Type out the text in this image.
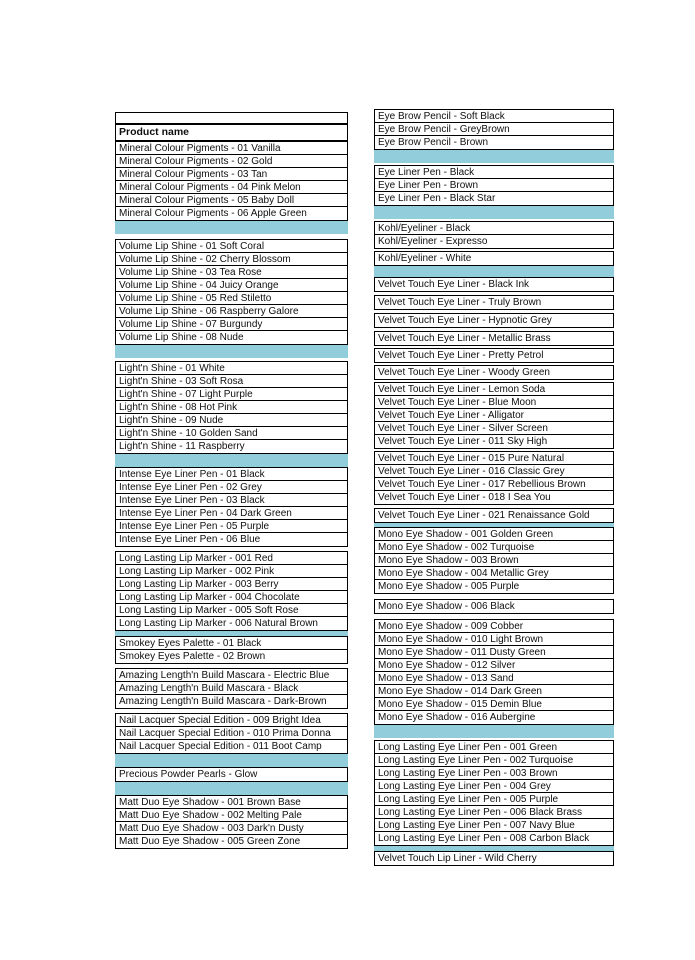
Product name
Mineral Colour Pigments - 01 Vanilla
Mineral Colour Pigments - 02 Gold
Mineral Colour Pigments - 03 Tan
Mineral Colour Pigments - 04 Pink Melon
Mineral Colour Pigments - 05 Baby Doll
Mineral Colour Pigments - 06 Apple Green
Volume Lip Shine - 01 Soft Coral
Volume Lip Shine - 02 Cherry Blossom
Volume Lip Shine - 03 Tea Rose
Volume Lip Shine - 04 Juicy Orange
Volume Lip Shine - 05 Red Stiletto
Volume Lip Shine - 06 Raspberry Galore
Volume Lip Shine - 07 Burgundy
Volume Lip Shine - 08 Nude
Light'n Shine - 01 White
Light'n Shine - 03 Soft Rosa
Light'n Shine - 07 Light Purple
Light'n Shine - 08 Hot Pink
Light'n Shine - 09 Nude
Light'n Shine - 10 Golden Sand
Light'n Shine - 11 Raspberry
Intense Eye Liner Pen - 01 Black
Intense Eye Liner Pen - 02 Grey
Intense Eye Liner Pen - 03 Black
Intense Eye Liner Pen - 04 Dark Green
Intense Eye Liner Pen - 05 Purple
Intense Eye Liner Pen - 06 Blue
Long Lasting Lip Marker - 001 Red
Long Lasting Lip Marker - 002 Pink
Long Lasting Lip Marker - 003 Berry
Long Lasting Lip Marker - 004 Chocolate
Long Lasting Lip Marker - 005 Soft Rose
Long Lasting Lip Marker - 006 Natural Brown
Smokey Eyes Palette - 01 Black
Smokey Eyes Palette - 02 Brown
Amazing Length'n Build Mascara - Electric Blue
Amazing Length'n Build Mascara - Black
Amazing Length'n Build Mascara - Dark-Brown
Nail Lacquer Special Edition - 009 Bright Idea
Nail Lacquer Special Edition - 010 Prima Donna
Nail Lacquer Special Edition - 011 Boot Camp
Precious Powder Pearls - Glow
Matt Duo Eye Shadow - 001 Brown Base
Matt Duo Eye Shadow - 002 Melting Pale
Matt Duo Eye Shadow - 003 Dark'n Dusty
Matt Duo Eye Shadow - 005 Green Zone
Eye Brow Pencil - Soft Black
Eye Brow Pencil - GreyBrown
Eye Brow Pencil - Brown
Eye Liner Pen - Black
Eye Liner Pen - Brown
Eye Liner Pen - Black Star
Kohl/Eyeliner - Black
Kohl/Eyeliner - Expresso
Kohl/Eyeliner - White
Velvet Touch Eye Liner - Black Ink
Velvet Touch Eye Liner - Truly Brown
Velvet Touch Eye Liner - Hypnotic Grey
Velvet Touch Eye Liner - Metallic Brass
Velvet Touch Eye Liner - Pretty Petrol
Velvet Touch Eye Liner - Woody Green
Velvet Touch Eye Liner - Lemon Soda
Velvet Touch Eye Liner - Blue Moon
Velvet Touch Eye Liner - Alligator
Velvet Touch Eye Liner - Silver Screen
Velvet Touch Eye Liner - 011 Sky High
Velvet Touch Eye Liner - 015 Pure Natural
Velvet Touch Eye Liner - 016 Classic Grey
Velvet Touch Eye Liner - 017 Rebellious Brown
Velvet Touch Eye Liner - 018 I Sea You
Velvet Touch Eye Liner - 021 Renaissance Gold
Mono Eye Shadow - 001 Golden Green
Mono Eye Shadow - 002 Turquoise
Mono Eye Shadow - 003 Brown
Mono Eye Shadow - 004 Metallic Grey
Mono Eye Shadow - 005 Purple
Mono Eye Shadow - 006 Black
Mono Eye Shadow - 009 Cobber
Mono Eye Shadow - 010 Light Brown
Mono Eye Shadow - 011 Dusty Green
Mono Eye Shadow - 012 Silver
Mono Eye Shadow - 013 Sand
Mono Eye Shadow - 014 Dark Green
Mono Eye Shadow - 015 Demin Blue
Mono Eye Shadow - 016 Aubergine
Long Lasting Eye Liner Pen - 001 Green
Long Lasting Eye Liner Pen - 002 Turquoise
Long Lasting Eye Liner Pen - 003 Brown
Long Lasting Eye Liner Pen - 004 Grey
Long Lasting Eye Liner Pen - 005 Purple
Long Lasting Eye Liner Pen - 006 Black Brass
Long Lasting Eye Liner Pen - 007 Navy Blue
Long Lasting Eye Liner Pen - 008 Carbon Black
Velvet Touch Lip Liner - Wild Cherry
